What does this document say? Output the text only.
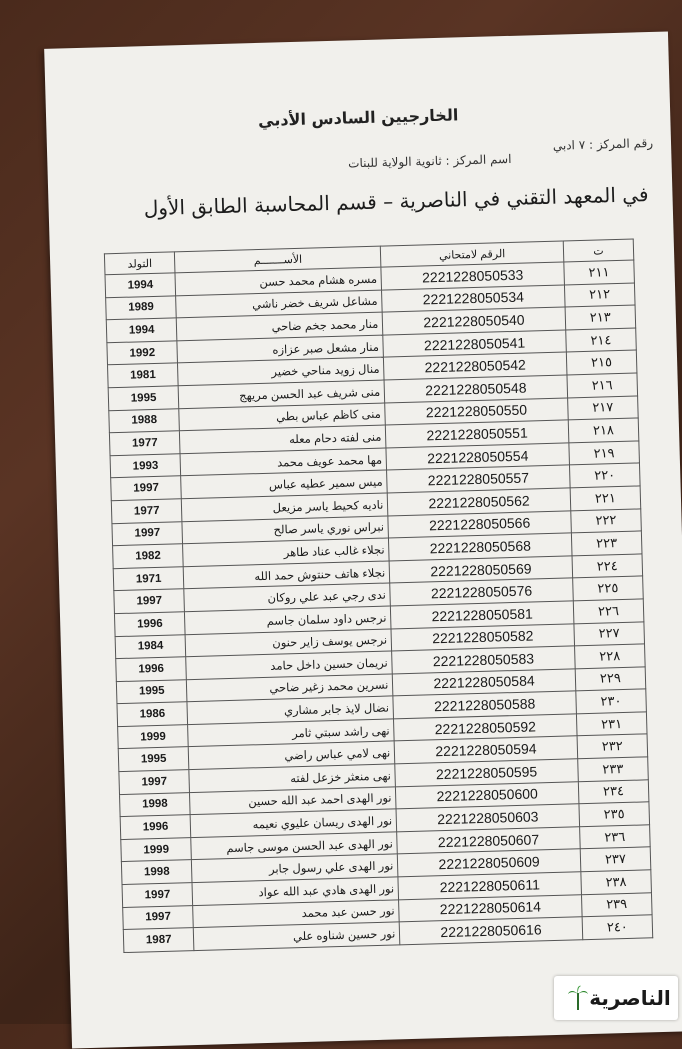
الخارجيين السادس الأدبي
رقم المركز : ٧ ادبي
اسم المركز : ثانوية الولاية للبنات
في المعهد التقني في الناصرية – قسم المحاسبة الطابق الأول
ت	الرقم لامتحاني	الأســـــــم	التولد
٢١١	2221228050533	مسره هشام محمد حسن	1994
٢١٢	2221228050534	مشاعل شريف خضر ناشي	1989
٢١٣	2221228050540	منار محمد جخم ضاحي	1994
٢١٤	2221228050541	منار مشعل صبر عزازه	1992
٢١٥	2221228050542	منال زويد مناحي خضير	1981
٢١٦	2221228050548	منى شريف عبد الحسن مريهج	1995
٢١٧	2221228050550	منى كاظم عباس بطي	1988
٢١٨	2221228050551	منى لفته دحام معله	1977
٢١٩	2221228050554	مها محمد عويف محمد	1993
٢٢٠	2221228050557	ميس سمير عطيه عباس	1997
٢٢١	2221228050562	ناديه كحيط ياسر مزيعل	1977
٢٢٢	2221228050566	نبراس نوري ياسر صالح	1997
٢٢٣	2221228050568	نجلاء غالب عناد طاهر	1982
٢٢٤	2221228050569	نجلاء هاتف حنتوش حمد الله	1971
٢٢٥	2221228050576	ندى رجي عبد علي روكان	1997
٢٢٦	2221228050581	نرجس داود سلمان جاسم	1996
٢٢٧	2221228050582	نرجس يوسف زاير حنون	1984
٢٢٨	2221228050583	نريمان حسين داخل حامد	1996
٢٢٩	2221228050584	نسرين محمد زغير ضاحي	1995
٢٣٠	2221228050588	نضال لايذ جابر مشاري	1986
٢٣١	2221228050592	نهى راشد سبتي ثامر	1999
٢٣٢	2221228050594	نهى لامي عباس راضي	1995
٢٣٣	2221228050595	نهى منعثر خزعل لفته	1997
٢٣٤	2221228050600	نور الهدى احمد عبد الله حسين	1998
٢٣٥	2221228050603	نور الهدى ريسان عليوي نعيمه	1996
٢٣٦	2221228050607	نور الهدى عبد الحسن موسى جاسم	1999
٢٣٧	2221228050609	نور الهدى علي رسول جابر	1998
٢٣٨	2221228050611	نور الهدى هادي عبد الله عواد	1997
٢٣٩	2221228050614	نور حسن عبد محمد	1997
٢٤٠	2221228050616	نور حسين شناوه علي	1987
الناصرية
